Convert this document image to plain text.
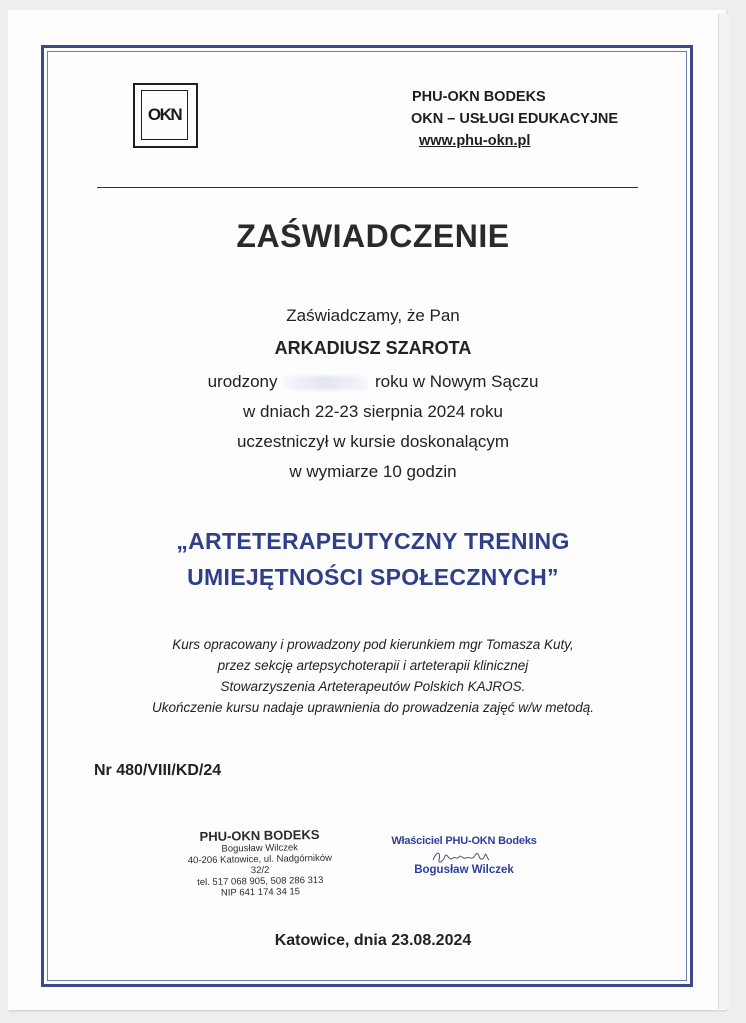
OKN
PHU-OKN BODEKS
OKN – USŁUGI EDUKACYJNE
www.phu-okn.pl
ZAŚWIADCZENIE
Zaświadczamy, że Pan
ARKADIUSZ SZAROTA
urodzony	roku w Nowym Sączu
w dniach 22-23 sierpnia 2024 roku
uczestniczył w kursie doskonalącym
w wymiarze 10 godzin
„ARTETERAPEUTYCZNY TRENING
UMIEJĘTNOŚCI SPOŁECZNYCH”
Kurs opracowany i prowadzony pod kierunkiem mgr Tomasza Kuty,
przez sekcję artepsychoterapii i arteterapii klinicznej
Stowarzyszenia Arteterapeutów Polskich KAJROS.
Ukończenie kursu nadaje uprawnienia do prowadzenia zajęć w/w metodą.
Nr 480/VIII/KD/24
PHU-OKN BODEKS
Bogusław Wilczek
40-206 Katowice, ul. Nadgórników 32/2
tel. 517 068 905, 508 286 313
NIP 641 174 34 15
Właściciel PHU-OKN Bodeks
Bogusław Wilczek
Katowice, dnia 23.08.2024
